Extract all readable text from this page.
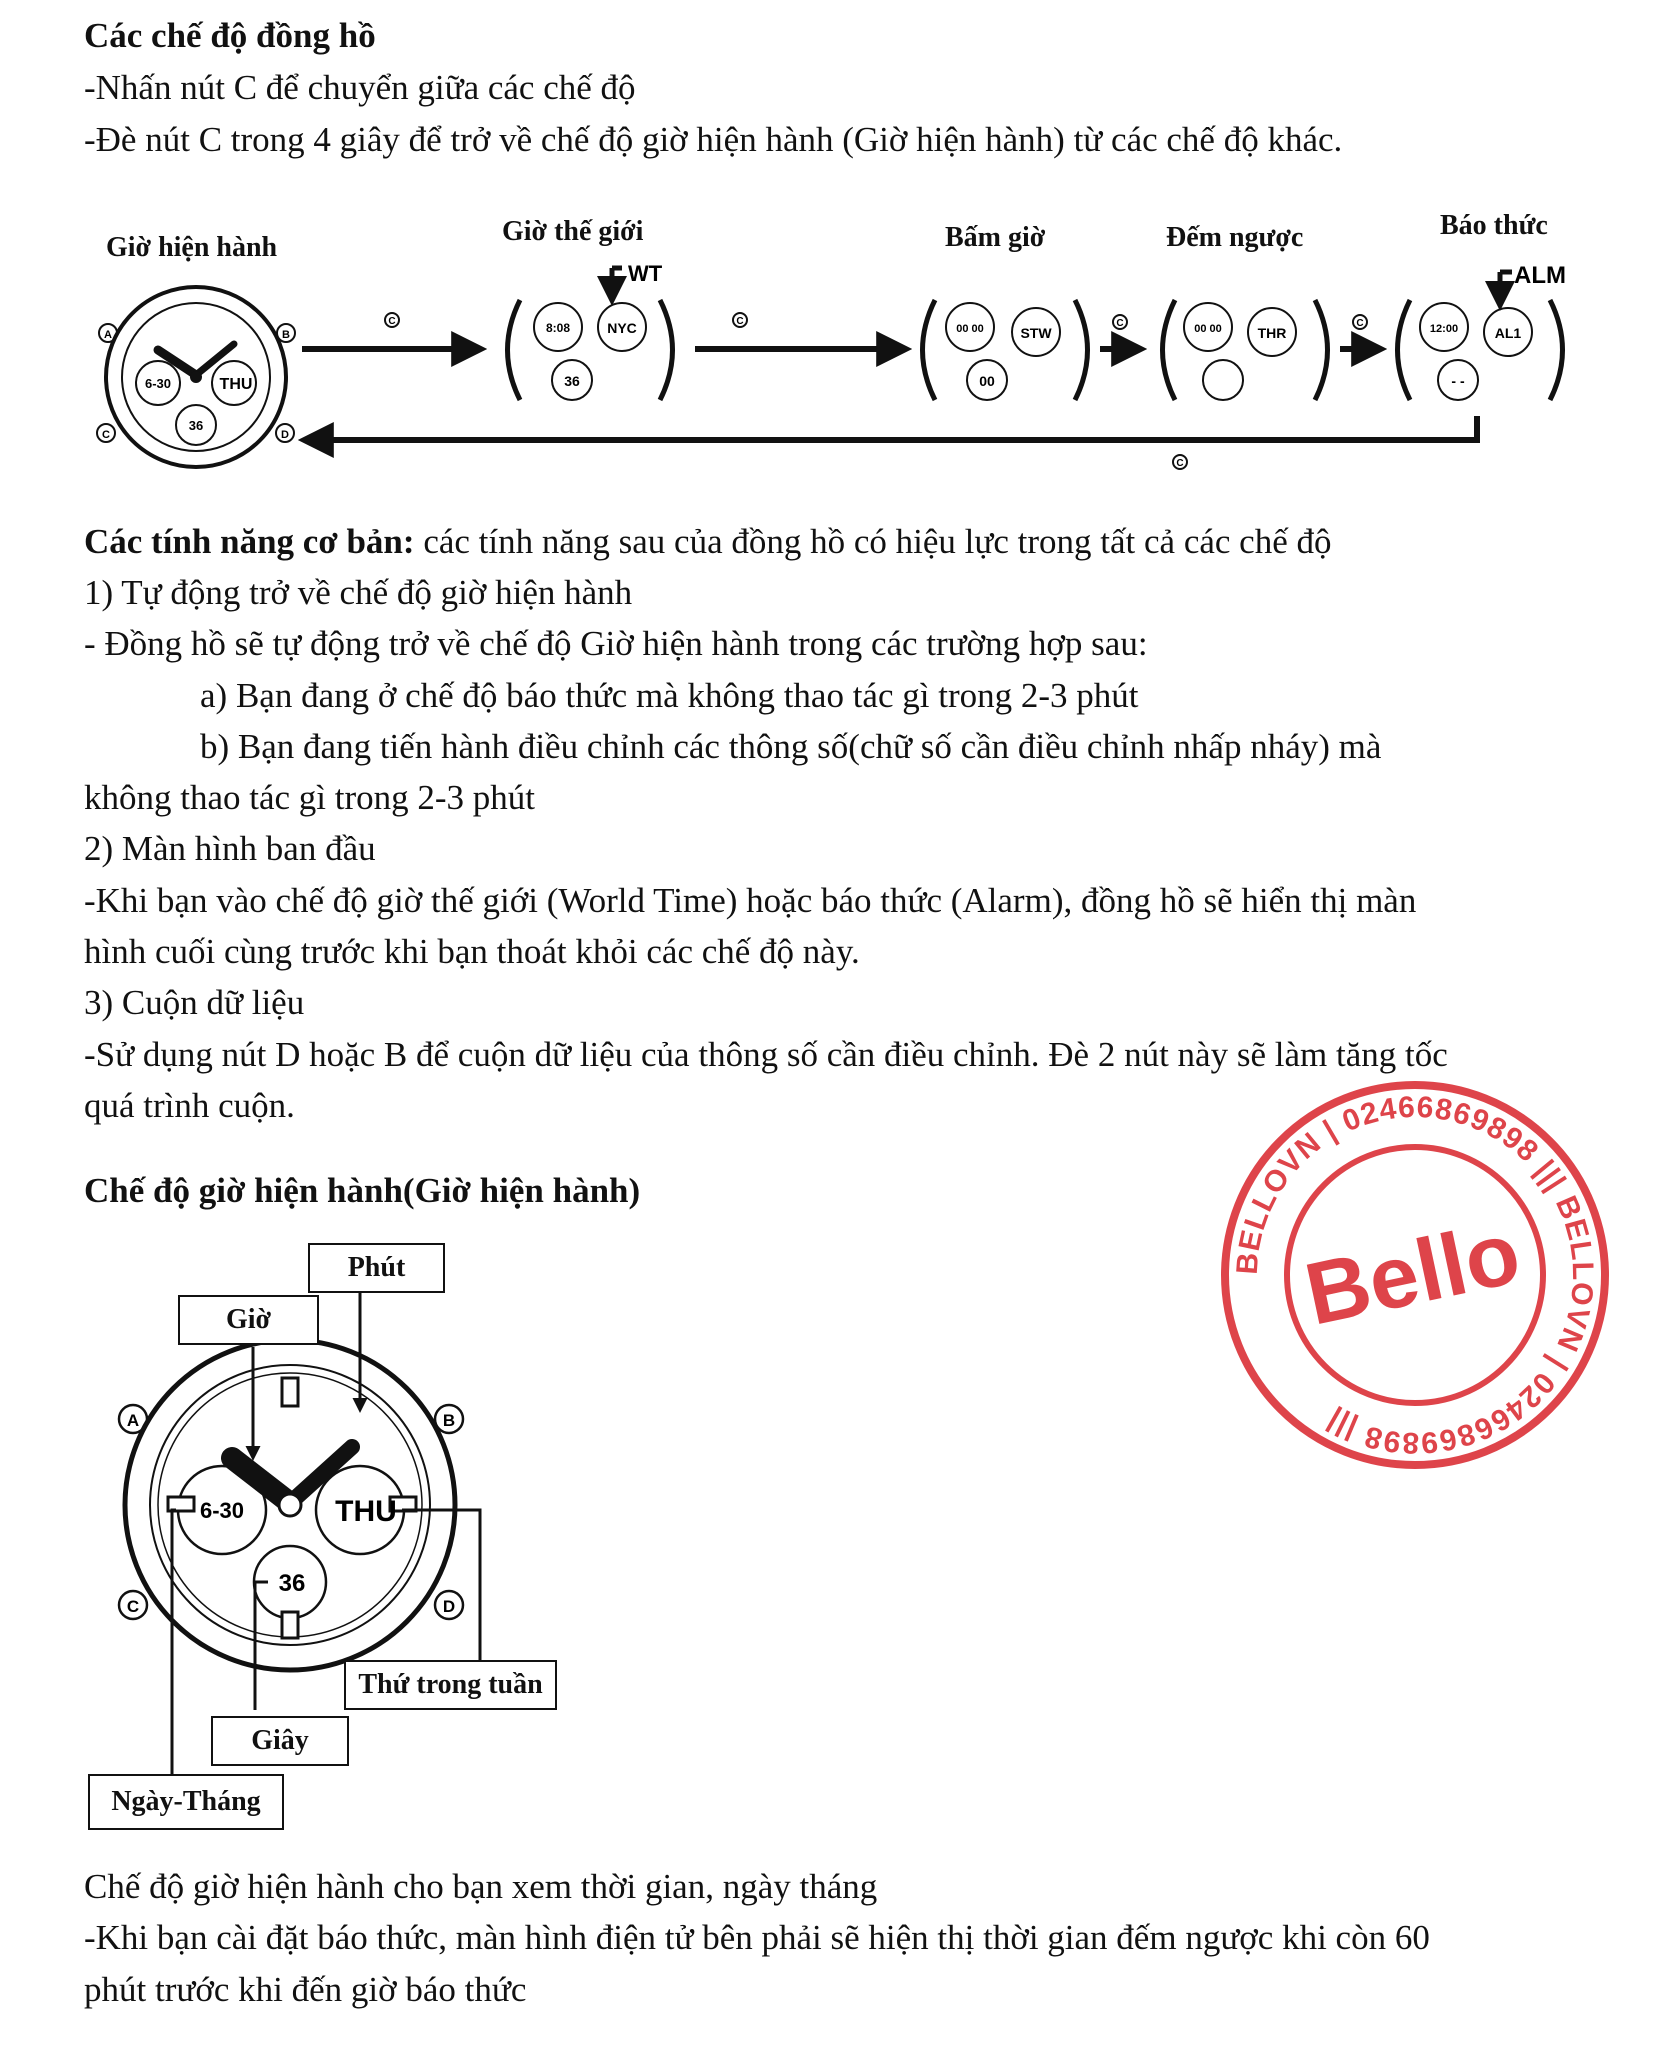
Các chế độ đồng hồ
-Nhấn nút C để chuyển giữa các chế độ
-Đè nút C trong 4 giây để trở về chế độ giờ hiện hành (Giờ hiện hành) từ các chế độ khác.
Giờ hiện hành
Giờ thế giới	Bấm giờ	Đếm ngược	Báo thức
6-30	THU
36
A	B
C	D
8:08	NYC
36
WT
00 00	STW
00
00 00	THR	12:00	AL1
- -
ALM
C	C	C	C
C
Các tính năng cơ bản: các tính năng sau của đồng hồ có hiệu lực trong tất cả các chế độ
1) Tự động trở về chế độ giờ hiện hành
- Đồng hồ sẽ tự động trở về chế độ Giờ hiện hành trong các trường hợp sau:
a) Bạn đang ở chế độ báo thức mà không thao tác gì trong 2-3 phút
b) Bạn đang tiến hành điều chỉnh các thông số(chữ số cần điều chỉnh nhấp nháy) mà
không thao tác gì trong 2-3 phút
2) Màn hình ban đầu
-Khi bạn vào chế độ giờ thế giới (World Time) hoặc báo thức (Alarm), đồng hồ sẽ hiển thị màn
hình cuối cùng trước khi bạn thoát khỏi các chế độ này.
3) Cuộn dữ liệu
-Sử dụng nút D hoặc B để cuộn dữ liệu của thông số cần điều chỉnh. Đè 2 nút này sẽ làm tăng tốc
quá trình cuộn.
Chế độ giờ hiện hành(Giờ hiện hành)
6-30	THU
36
A	B
C	D
Phút
Giờ
Thứ trong tuần
Giây
Ngày-Tháng
BELLOVN | 02466869898 ||| BELLOVN | 02466869898 |||
Bello
Chế độ giờ hiện hành cho bạn xem thời gian, ngày tháng
-Khi bạn cài đặt báo thức, màn hình điện tử bên phải sẽ hiện thị thời gian đếm ngược khi còn 60
phút trước khi đến giờ báo thức
